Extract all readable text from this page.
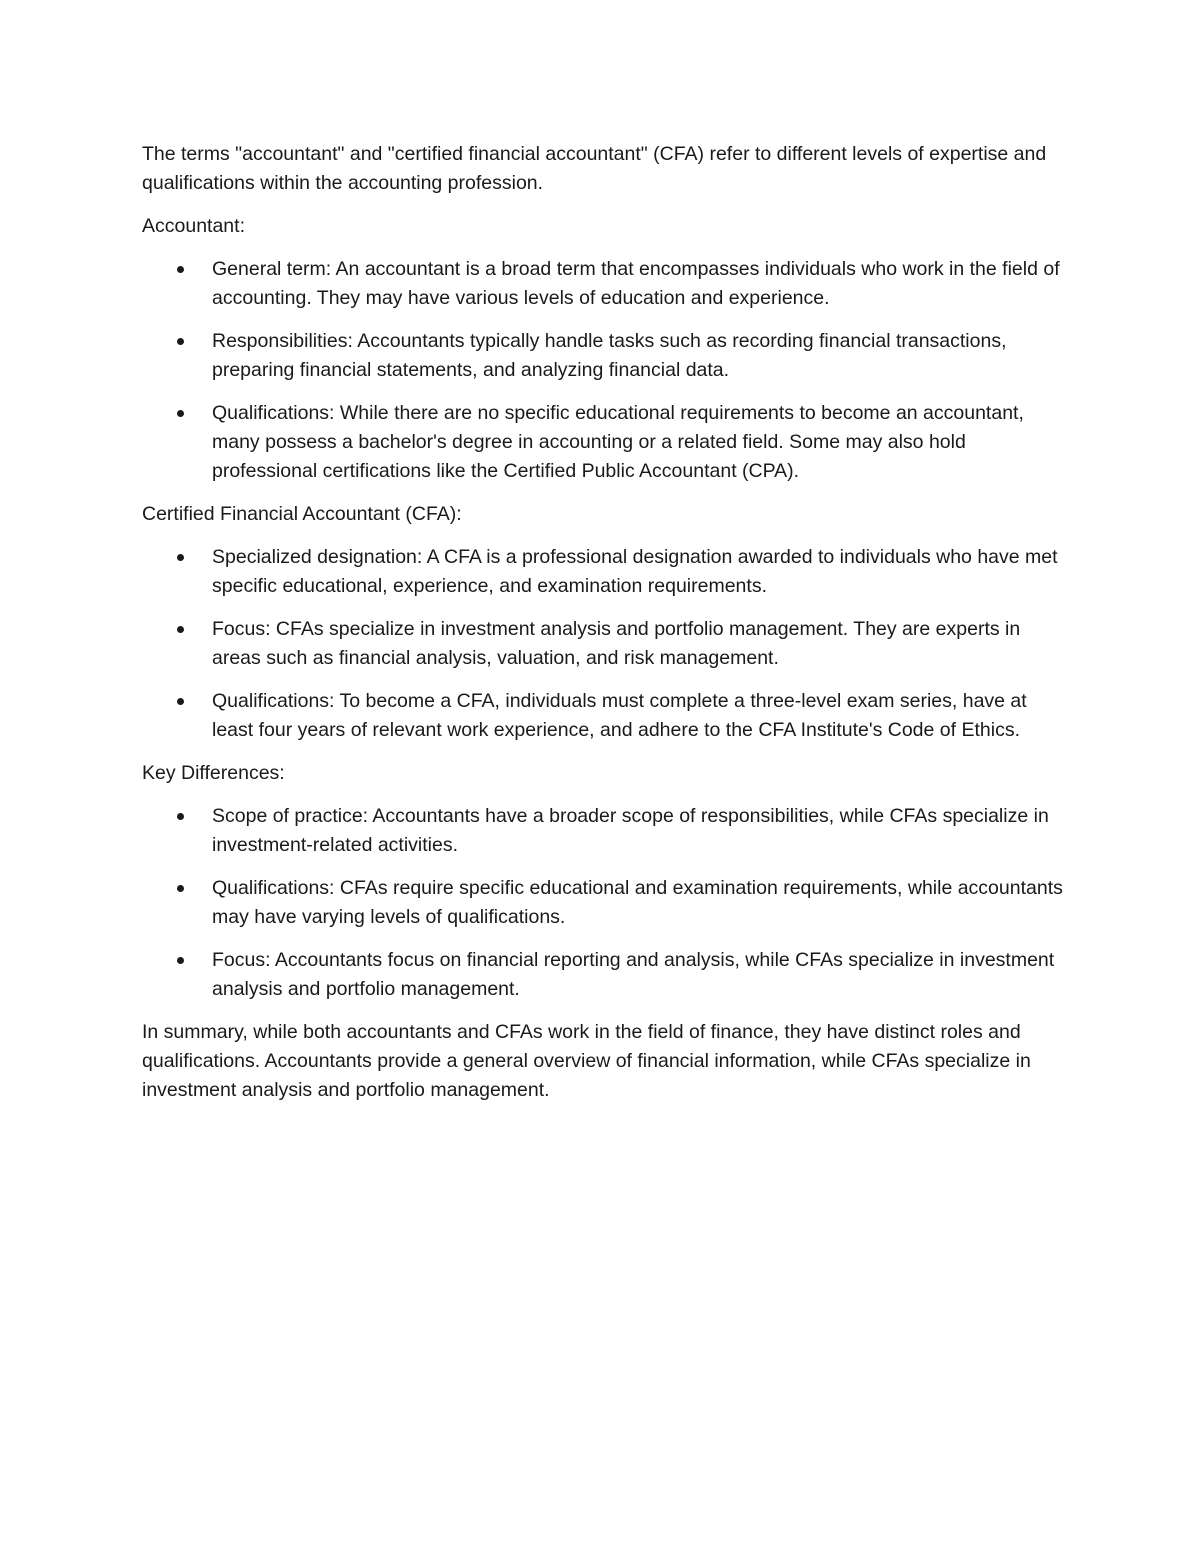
The terms "accountant" and "certified financial accountant" (CFA) refer to different levels of expertise and qualifications within the accounting profession.

Accountant:

General term: An accountant is a broad term that encompasses individuals who work in the field of accounting. They may have various levels of education and experience.
Responsibilities: Accountants typically handle tasks such as recording financial transactions, preparing financial statements, and analyzing financial data.
Qualifications: While there are no specific educational requirements to become an accountant, many possess a bachelor's degree in accounting or a related field. Some may also hold professional certifications like the Certified Public Accountant (CPA).

Certified Financial Accountant (CFA):

Specialized designation: A CFA is a professional designation awarded to individuals who have met specific educational, experience, and examination requirements.
Focus: CFAs specialize in investment analysis and portfolio management. They are experts in areas such as financial analysis, valuation, and risk management.
Qualifications: To become a CFA, individuals must complete a three-level exam series, have at least four years of relevant work experience, and adhere to the CFA Institute's Code of Ethics.

Key Differences:

Scope of practice: Accountants have a broader scope of responsibilities, while CFAs specialize in investment-related activities.
Qualifications: CFAs require specific educational and examination requirements, while accountants may have varying levels of qualifications.
Focus: Accountants focus on financial reporting and analysis, while CFAs specialize in investment analysis and portfolio management.

In summary, while both accountants and CFAs work in the field of finance, they have distinct roles and qualifications. Accountants provide a general overview of financial information, while CFAs specialize in investment analysis and portfolio management.
